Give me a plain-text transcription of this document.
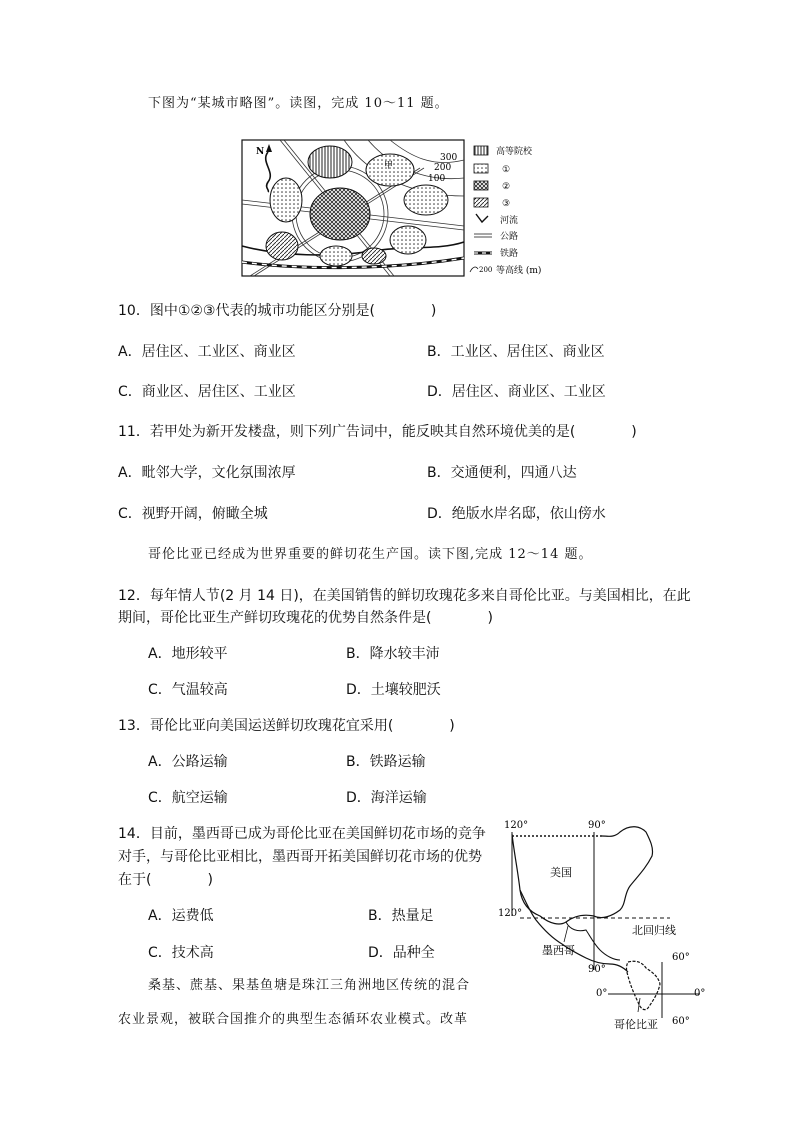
下图为“某城市略图”。读图，完成 10～11 题。
甲
N
300
200
100
高等院校
①
②
③
河流
公路
铁路
200 等高线 (m)
10．图中①②③代表的城市功能区分别是(　　　　)
A．居住区、工业区、商业区	B．工业区、居住区、商业区
C．商业区、居住区、工业区	D．居住区、商业区、工业区
11．若甲处为新开发楼盘，则下列广告词中，能反映其自然环境优美的是(　　　　)
A．毗邻大学，文化氛围浓厚	B．交通便利，四通八达
C．视野开阔，俯瞰全城	D．绝版水岸名邸，依山傍水
哥伦比亚已经成为世界重要的鲜切花生产国。读下图,完成 12～14 题。
12．每年情人节(2 月 14 日)，在美国销售的鲜切玫瑰花多来自哥伦比亚。与美国相比，在此
期间，哥伦比亚生产鲜切玫瑰花的优势自然条件是(　　　　)
A．地形较平	B．降水较丰沛
C．气温较高	D．土壤较肥沃
13．哥伦比亚向美国运送鲜切玫瑰花宜采用(　　　　)
A．公路运输	B．铁路运输
C．航空运输	D．海洋运输
14．目前，墨西哥已成为哥伦比亚在美国鲜切花市场的竞争
对手，与哥伦比亚相比，墨西哥开拓美国鲜切花市场的优势
在于(　　　　)
A．运费低	B．热量足
C．技术高	D．品种全
120°	90°
美国
120°
北回归线
墨西哥
90°
60°
0°	0°
哥伦比亚 60°
桑基、蔗基、果基鱼塘是珠江三角洲地区传统的混合
农业景观，被联合国推介的典型生态循环农业模式。改革
